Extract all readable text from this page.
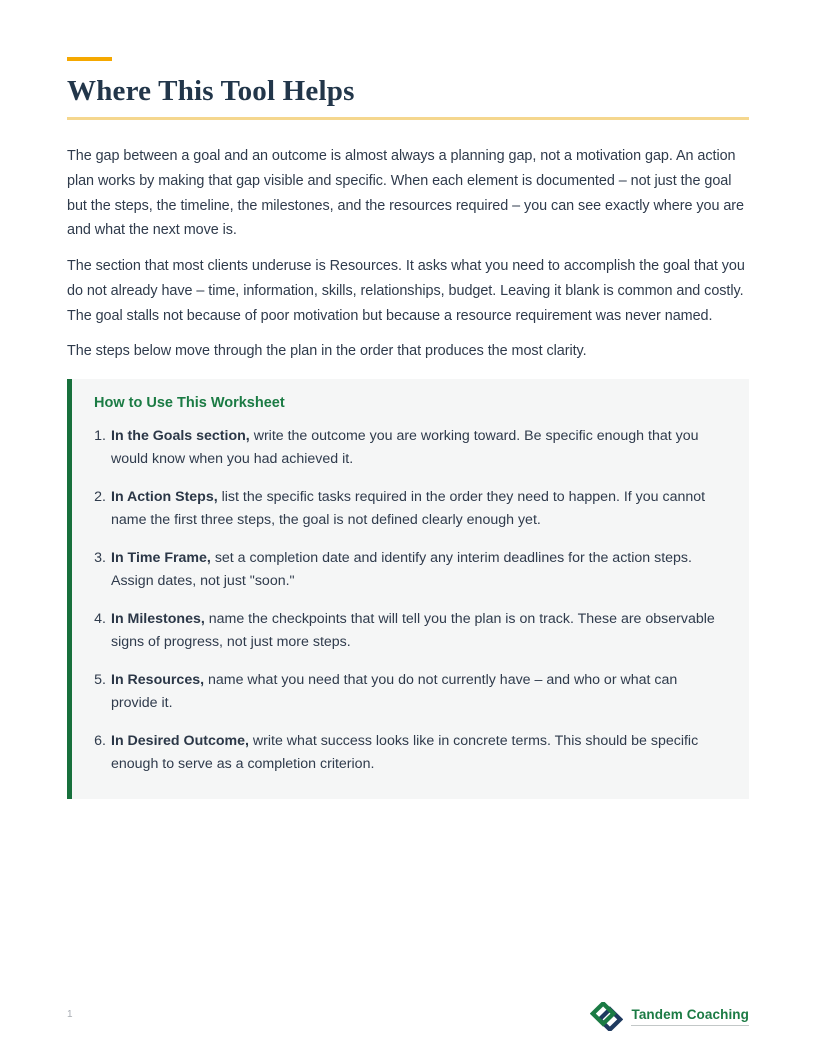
Where This Tool Helps

The gap between a goal and an outcome is almost always a planning gap, not a motivation gap. An action plan works by making that gap visible and specific. When each element is documented – not just the goal but the steps, the timeline, the milestones, and the resources required – you can see exactly where you are and what the next move is.

The section that most clients underuse is Resources. It asks what you need to accomplish the goal that you do not already have – time, information, skills, relationships, budget. Leaving it blank is common and costly. The goal stalls not because of poor motivation but because a resource requirement was never named.

The steps below move through the plan in the order that produces the most clarity.

How to Use This Worksheet
1. In the Goals section, write the outcome you are working toward. Be specific enough that you would know when you had achieved it.
2. In Action Steps, list the specific tasks required in the order they need to happen. If you cannot name the first three steps, the goal is not defined clearly enough yet.
3. In Time Frame, set a completion date and identify any interim deadlines for the action steps. Assign dates, not just "soon."
4. In Milestones, name the checkpoints that will tell you the plan is on track. These are observable signs of progress, not just more steps.
5. In Resources, name what you need that you do not currently have – and who or what can provide it.
6. In Desired Outcome, write what success looks like in concrete terms. This should be specific enough to serve as a completion criterion.
1	Tandem Coaching
